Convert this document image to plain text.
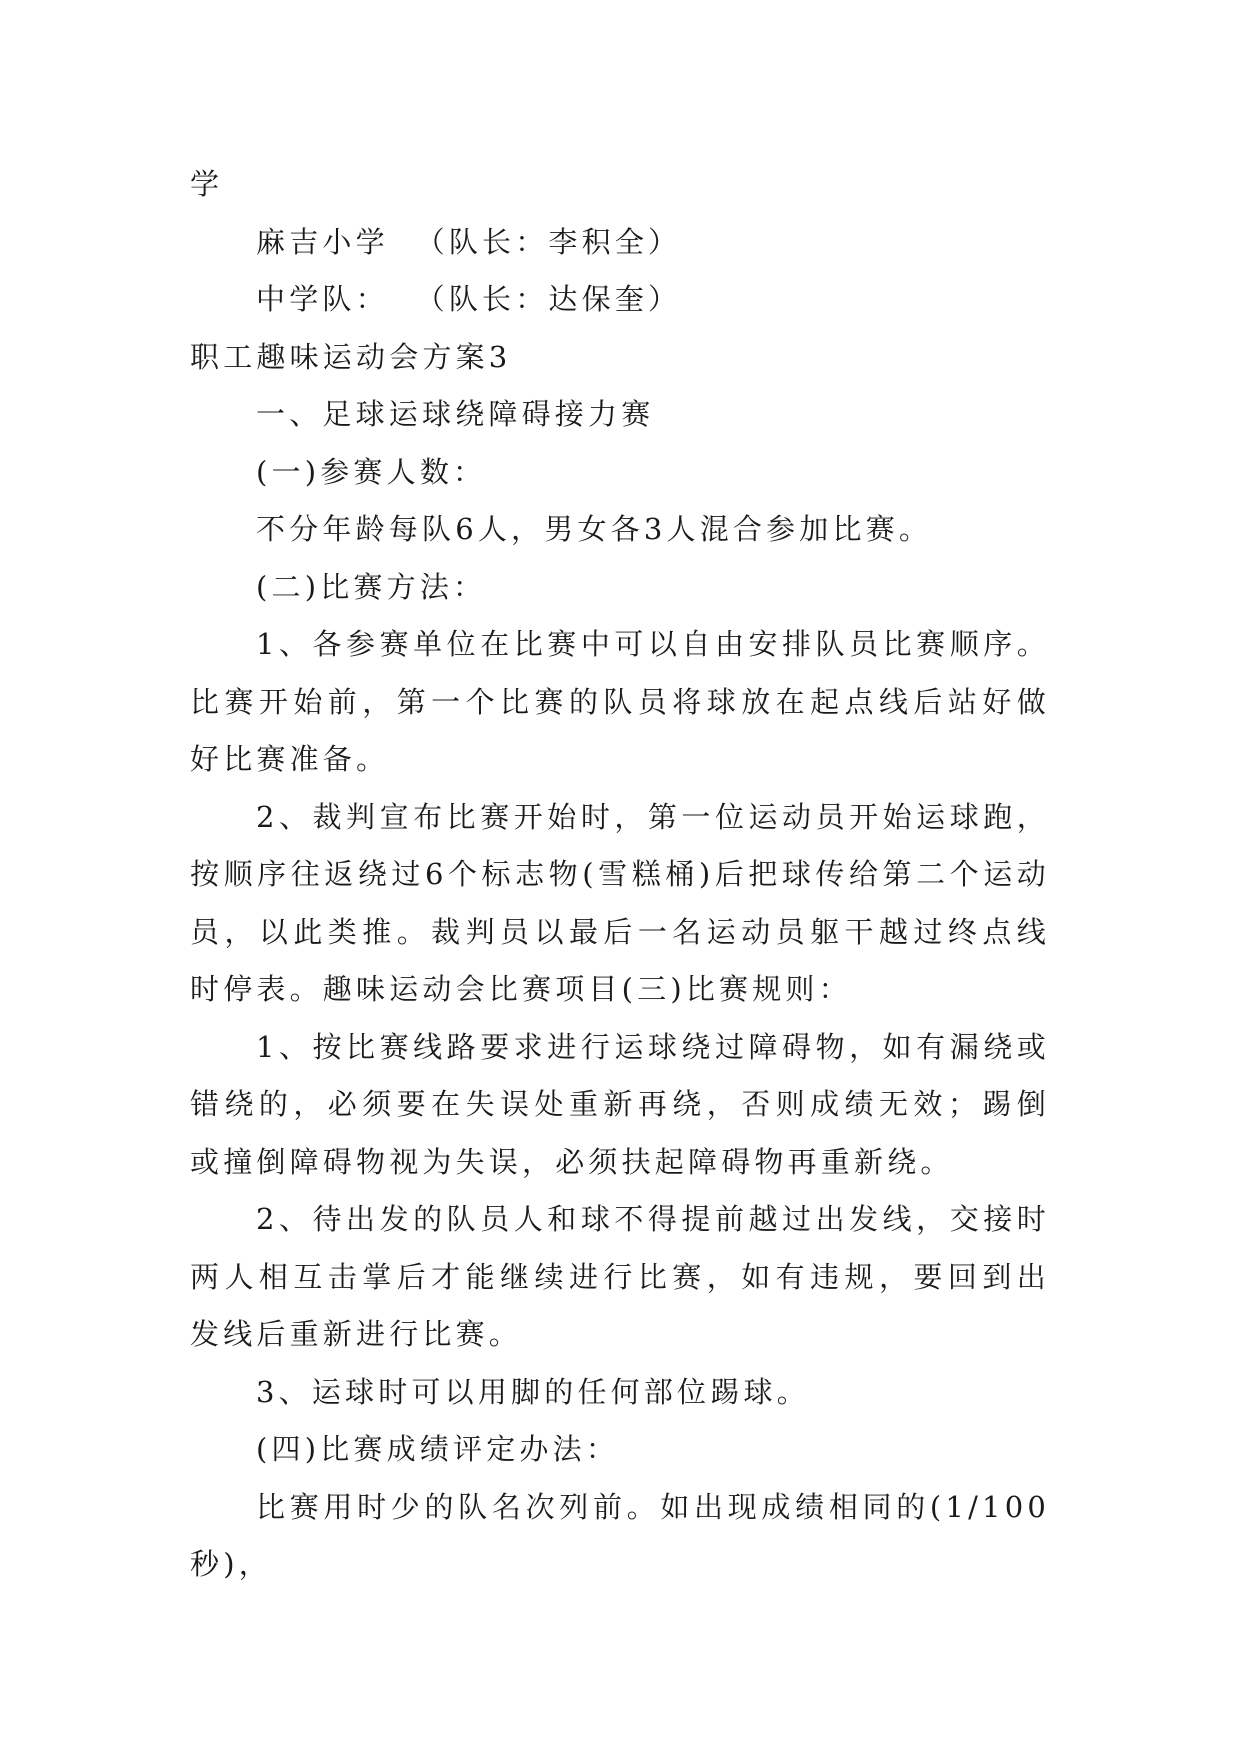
学

麻吉小学  （队长：李积全）

中学队：  （队长：达保奎）

职工趣味运动会方案3

一、足球运球绕障碍接力赛

(一)参赛人数：

不分年龄每队6人，男女各3人混合参加比赛。

(二)比赛方法：

1、各参赛单位在比赛中可以自由安排队员比赛顺序。比赛开始前，第一个比赛的队员将球放在起点线后站好做好比赛准备。

2、裁判宣布比赛开始时，第一位运动员开始运球跑，按顺序往返绕过6个标志物(雪糕桶)后把球传给第二个运动员，以此类推。裁判员以最后一名运动员躯干越过终点线时停表。趣味运动会比赛项目(三)比赛规则：

1、按比赛线路要求进行运球绕过障碍物，如有漏绕或错绕的，必须要在失误处重新再绕，否则成绩无效；踢倒或撞倒障碍物视为失误，必须扶起障碍物再重新绕。

2、待出发的队员人和球不得提前越过出发线，交接时两人相互击掌后才能继续进行比赛，如有违规，要回到出发线后重新进行比赛。

3、运球时可以用脚的任何部位踢球。

(四)比赛成绩评定办法：

比赛用时少的队名次列前。如出现成绩相同的(1/100秒)，
